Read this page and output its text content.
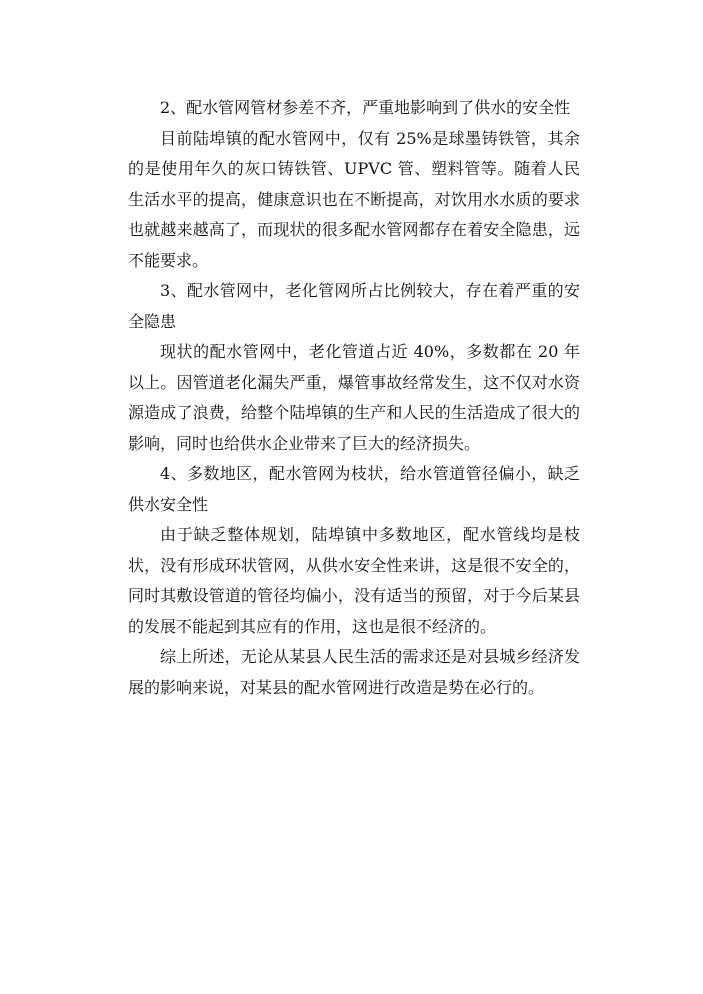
2、配水管网管材参差不齐，严重地影响到了供水的安全性

目前陆埠镇的配水管网中，仅有 25%是球墨铸铁管，其余的是使用年久的灰口铸铁管、UPVC 管、塑料管等。随着人民生活水平的提高，健康意识也在不断提高，对饮用水水质的要求也就越来越高了，而现状的很多配水管网都存在着安全隐患，远不能要求。

3、配水管网中，老化管网所占比例较大，存在着严重的安全隐患

现状的配水管网中，老化管道占近 40%，多数都在 20 年以上。因管道老化漏失严重，爆管事故经常发生，这不仅对水资源造成了浪费，给整个陆埠镇的生产和人民的生活造成了很大的影响，同时也给供水企业带来了巨大的经济损失。

4、多数地区，配水管网为枝状，给水管道管径偏小，缺乏供水安全性

由于缺乏整体规划，陆埠镇中多数地区，配水管线均是枝状，没有形成环状管网，从供水安全性来讲，这是很不安全的，同时其敷设管道的管径均偏小，没有适当的预留，对于今后某县的发展不能起到其应有的作用，这也是很不经济的。

综上所述，无论从某县人民生活的需求还是对县城乡经济发展的影响来说，对某县的配水管网进行改造是势在必行的。
